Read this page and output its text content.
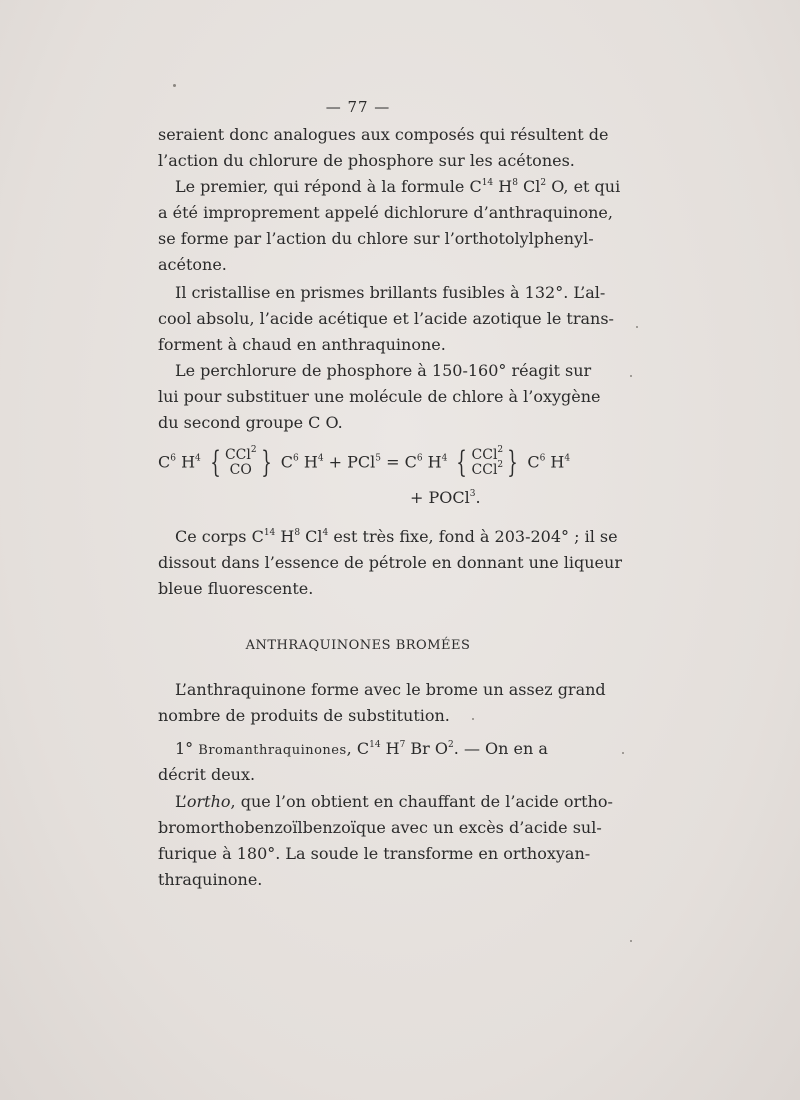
— 77 —
seraient donc analogues aux composés qui résultent de
l’action du chlorure de phosphore sur les acétones.
Le premier, qui répond à la formule $C^{14}$ $H^8$ Cl$^2$ O, et qui
a été improprement appelé dichlorure d’anthraquinone,
se forme par l’action du chlore sur l’orthotolylphenyl-
acétone.
Il cristallise en prismes brillants fusibles à 132°. L’al-
cool absolu, l’acide acétique et l’acide azotique le trans-
forment à chaud en anthraquinone.
Le perchlorure de phosphore à 150-160° réagit sur
lui pour substituer une molécule de chlore à l’oxygène
du second groupe C O.
$C^6$ $H^4$ { CCl$^2$
CO } $C^6$ $H^4 + PCl^5 = C^6$ $H^4$ { CCl$^2$
CCl$^2$ } $C^6$ $H^4$
+ POCl$^3$.
Ce corps $C^{14}$ $H^8$ Cl$^4$ est très fixe, fond à 203-204° ; il se
dissout dans l’essence de pétrole en donnant une liqueur
bleue fluorescente.
ANTHRAQUINONES BROMÉES
L’anthraquinone forme avec le brome un assez grand
nombre de produits de substitution.
1° Bromanthraquinones, $C^{14}$ $H^7$ Br $O^2$. — On en a
décrit deux.
L’ortho, que l’on obtient en chauffant de l’acide ortho-
bromorthobenzoïlbenzoïque avec un excès d’acide sul-
furique à 180°. La soude le transforme en orthoxyan-
thraquinone.
